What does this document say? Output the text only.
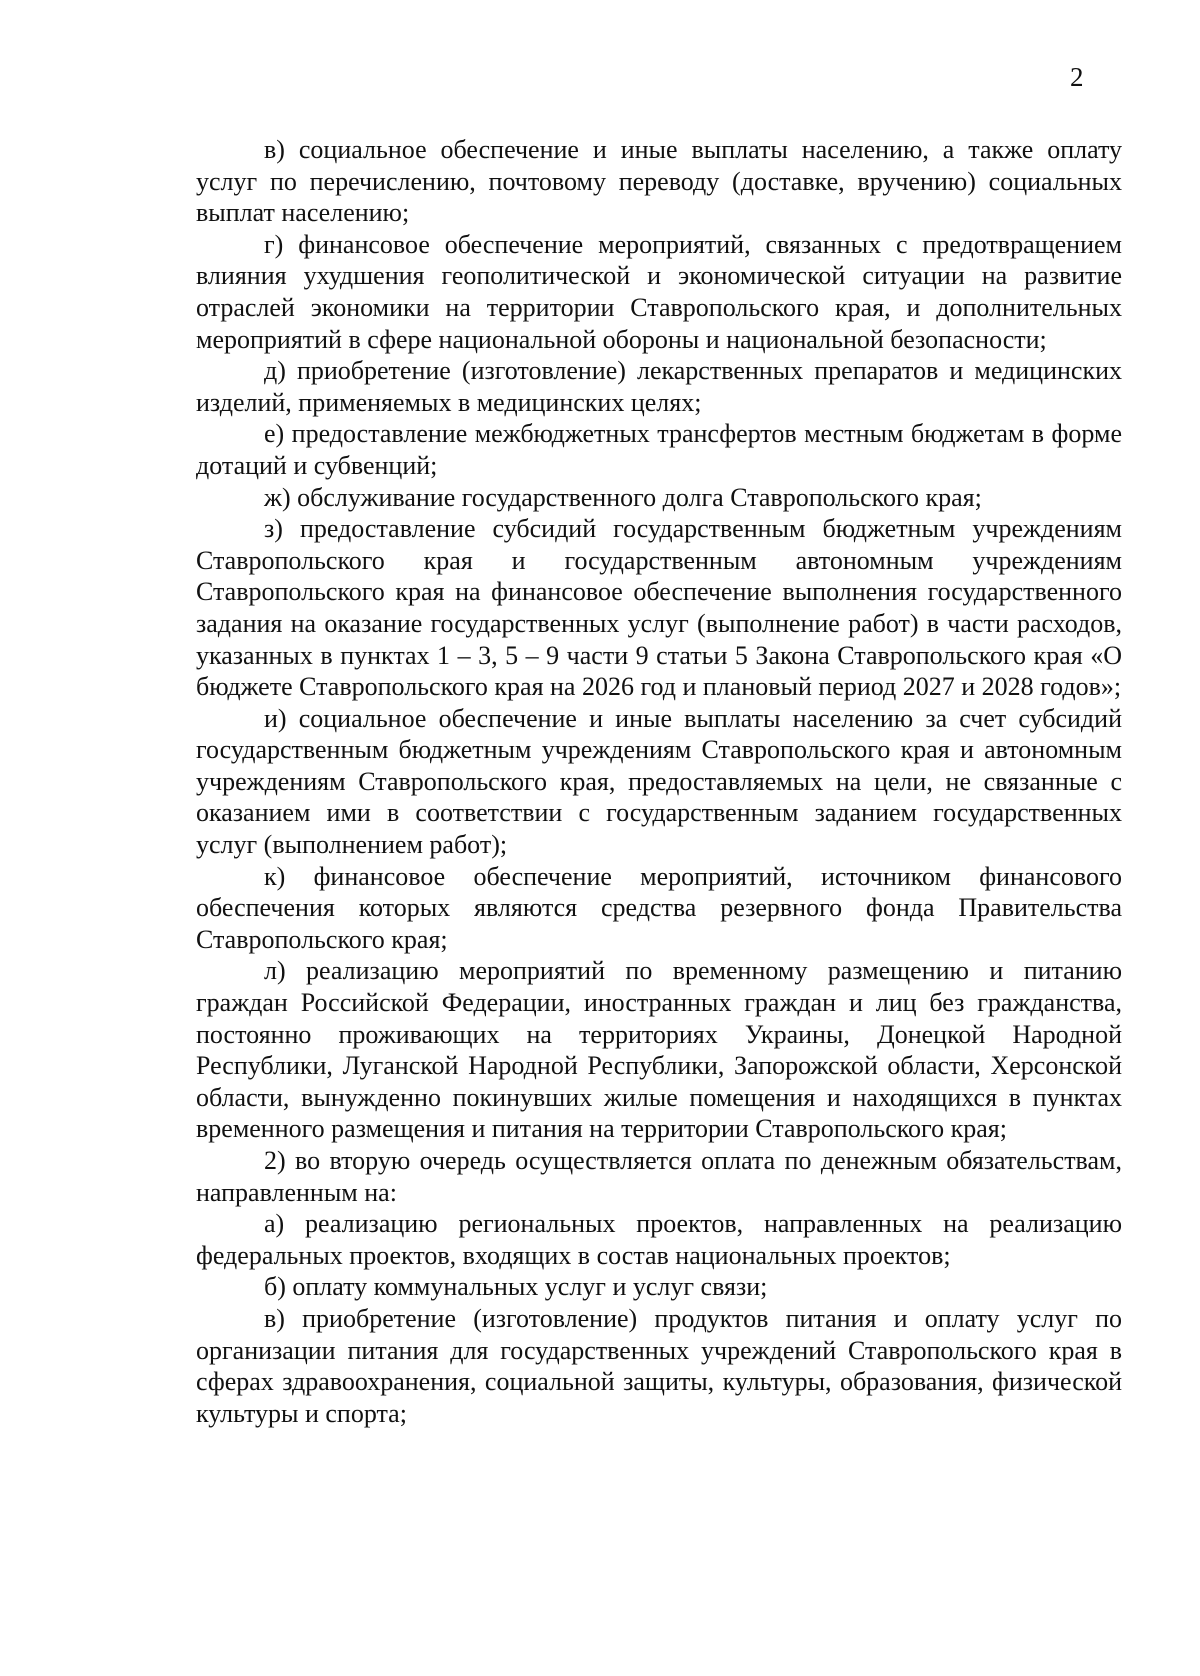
2

в) социальное обеспечение и иные выплаты населению, а также оплату услуг по перечислению, почтовому переводу (доставке, вручению) социальных выплат населению;

г) финансовое обеспечение мероприятий, связанных с предотвращением влияния ухудшения геополитической и экономической ситуации на развитие отраслей экономики на территории Ставропольского края, и дополнительных мероприятий в сфере национальной обороны и национальной безопасности;

д) приобретение (изготовление) лекарственных препаратов и медицинских изделий, применяемых в медицинских целях;

е) предоставление межбюджетных трансфертов местным бюджетам в форме дотаций и субвенций;

ж) обслуживание государственного долга Ставропольского края;

з) предоставление субсидий государственным бюджетным учреждениям Ставропольского края и государственным автономным учреждениям Ставропольского края на финансовое обеспечение выполнения государственного задания на оказание государственных услуг (выполнение работ) в части расходов, указанных в пунктах 1 – 3, 5 – 9 части 9 статьи 5 Закона Ставропольского края «О бюджете Ставропольского края на 2026 год и плановый период 2027 и 2028 годов»;

и) социальное обеспечение и иные выплаты населению за счет субсидий государственным бюджетным учреждениям Ставропольского края и автономным учреждениям Ставропольского края, предоставляемых на цели, не связанные с оказанием ими в соответствии с государственным заданием государственных услуг (выполнением работ);

к) финансовое обеспечение мероприятий, источником финансового обеспечения которых являются средства резервного фонда Правительства Ставропольского края;

л) реализацию мероприятий по временному размещению и питанию граждан Российской Федерации, иностранных граждан и лиц без гражданства, постоянно проживающих на территориях Украины, Донецкой Народной Республики, Луганской Народной Республики, Запорожской области, Херсонской области, вынужденно покинувших жилые помещения и находящихся в пунктах временного размещения и питания на территории Ставропольского края;

2) во вторую очередь осуществляется оплата по денежным обязательствам, направленным на:

а) реализацию региональных проектов, направленных на реализацию федеральных проектов, входящих в состав национальных проектов;

б) оплату коммунальных услуг и услуг связи;

в) приобретение (изготовление) продуктов питания и оплату услуг по организации питания для государственных учреждений Ставропольского края в сферах здравоохранения, социальной защиты, культуры, образования, физической культуры и спорта;
